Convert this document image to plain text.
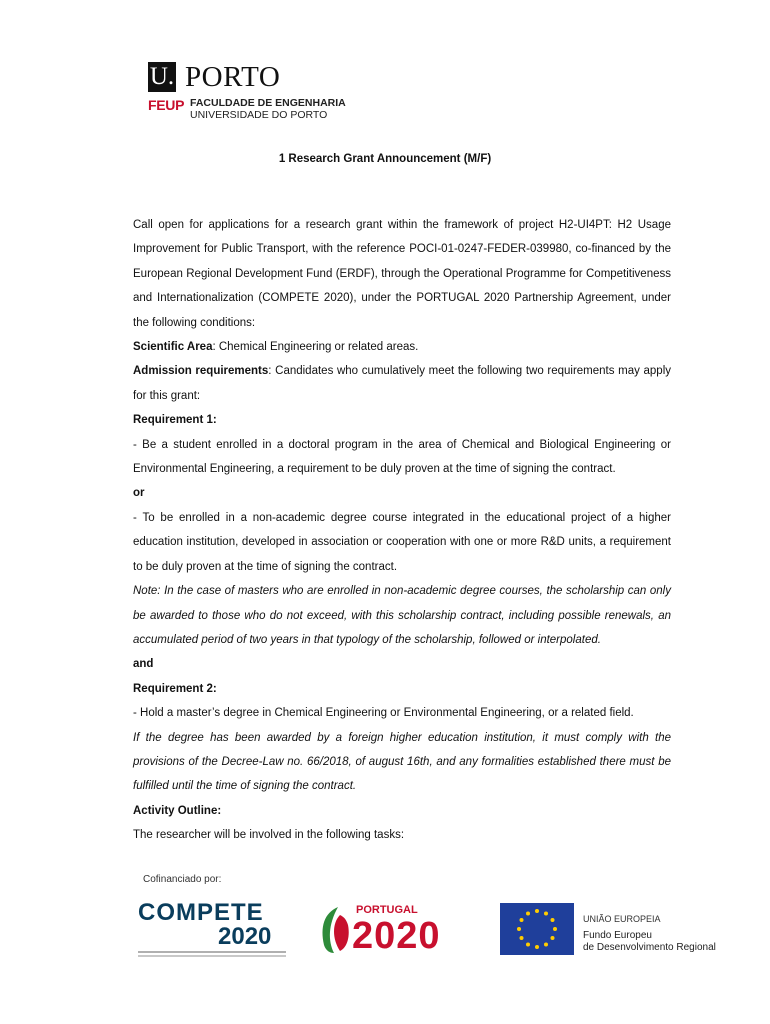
U. PORTO
FEUP FACULDADE DE ENGENHARIA
UNIVERSIDADE DO PORTO
1 Research Grant Announcement (M/F)

Call open for applications for a research grant within the framework of project H2-UI4PT: H2 Usage Improvement for Public Transport, with the reference POCI-01-0247-FEDER-039980, co-financed by the European Regional Development Fund (ERDF), through the Operational Programme for Competitiveness and Internationalization (COMPETE 2020), under the PORTUGAL 2020 Partnership Agreement, under the following conditions:

Scientific Area: Chemical Engineering or related areas.

Admission requirements: Candidates who cumulatively meet the following two requirements may apply for this grant:

Requirement 1:

- Be a student enrolled in a doctoral program in the area of Chemical and Biological Engineering or Environmental Engineering, a requirement to be duly proven at the time of signing the contract.

or

- To be enrolled in a non-academic degree course integrated in the educational project of a higher education institution, developed in association or cooperation with one or more R&D units, a requirement to be duly proven at the time of signing the contract.

Note: In the case of masters who are enrolled in non-academic degree courses, the scholarship can only be awarded to those who do not exceed, with this scholarship contract, including possible renewals, an accumulated period of two years in that typology of the scholarship, followed or interpolated.

and

Requirement 2:

- Hold a master’s degree in Chemical Engineering or Environmental Engineering, or a related field.

If the degree has been awarded by a foreign higher education institution, it must comply with the provisions of the Decree-Law no. 66/2018, of august 16th, and any formalities established there must be fulfilled until the time of signing the contract.

Activity Outline:

The researcher will be involved in the following tasks:

Cofinanciado por:
COMPETE
2020
PORTUGAL
2020	UNIÃO EUROPEIA
Fundo Europeu
de Desenvolvimento Regional
